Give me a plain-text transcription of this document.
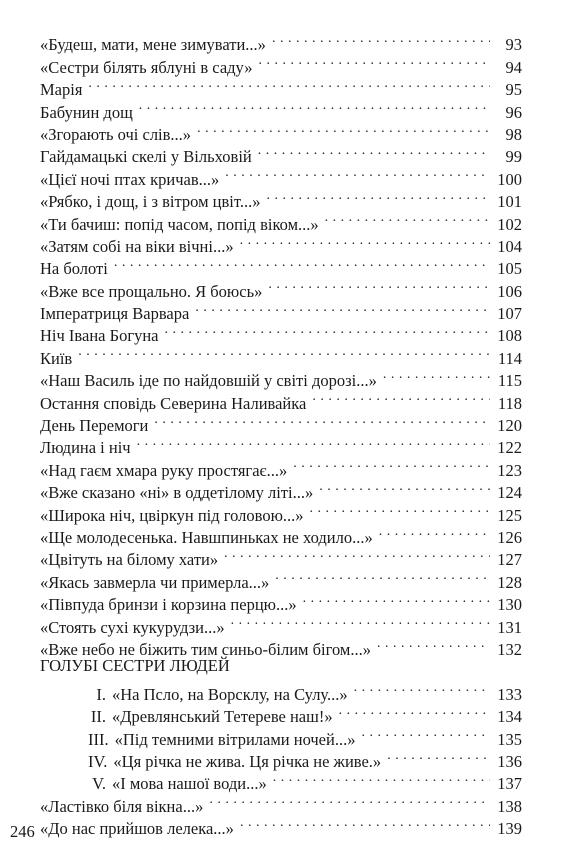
«Будеш, мати, мене зимувати...» . . .	93
«Сестри білять яблуні в саду» . . .	94
Марія . . .	95
Бабунин дощ . . .	96
«Згорають очі слів...» . . .	98
Гайдамацькі скелі у Вільховій . . .	99
«Цієї ночі птах кричав...» . . .	100
«Рябко, і дощ, і з вітром цвіт...» . . .	101
«Ти бачиш: попід часом, попід віком...» . . .	102
«Затям собі на віки вічні...» . . .	104
На болоті . . .	105
«Вже все прощально. Я боюсь» . . .	106
Імператриця Варвара . . .	107
Ніч Івана Богуна . . .	108
Київ . . .	114
«Наш Василь іде по найдовшій у світі дорозі...» . . .	115
Остання сповідь Северина Наливайка . . .	118
День Перемоги . . .	120
Людина і ніч . . .	122
«Над гаєм хмара руку простягає...» . . .	123
«Вже сказано «ні» в оддетілому літі...» . . .	124
«Широка ніч, цвіркун під головою...» . . .	125
«Ще молодесенька. Навшпиньках не ходило...» . . .	126
«Цвітуть на білому хати» . . .	127
«Якась завмерла чи примерла...» . . .	128
«Півпуда бринзи і корзина перцю...» . . .	130
«Стоять сухі кукурудзи...» . . .	131
«Вже небо не біжить тим синьо-білим бігом...» . . .	132
ГОЛУБІ СЕСТРИ ЛЮДЕЙ
I. «На Псло, на Ворсклу, на Сулу...» . . .	133
II. «Древлянський Тетереве наш!» . . .	134
III. «Під темними вітрилами ночей...» . . .	135
IV. «Ця річка не жива. Ця річка не живе.» . . .	136
V. «І мова нашої води...» . . .	137
«Ластівко біля вікна...» . . .	138
«До нас прийшов лелека...» . . .	139
246
